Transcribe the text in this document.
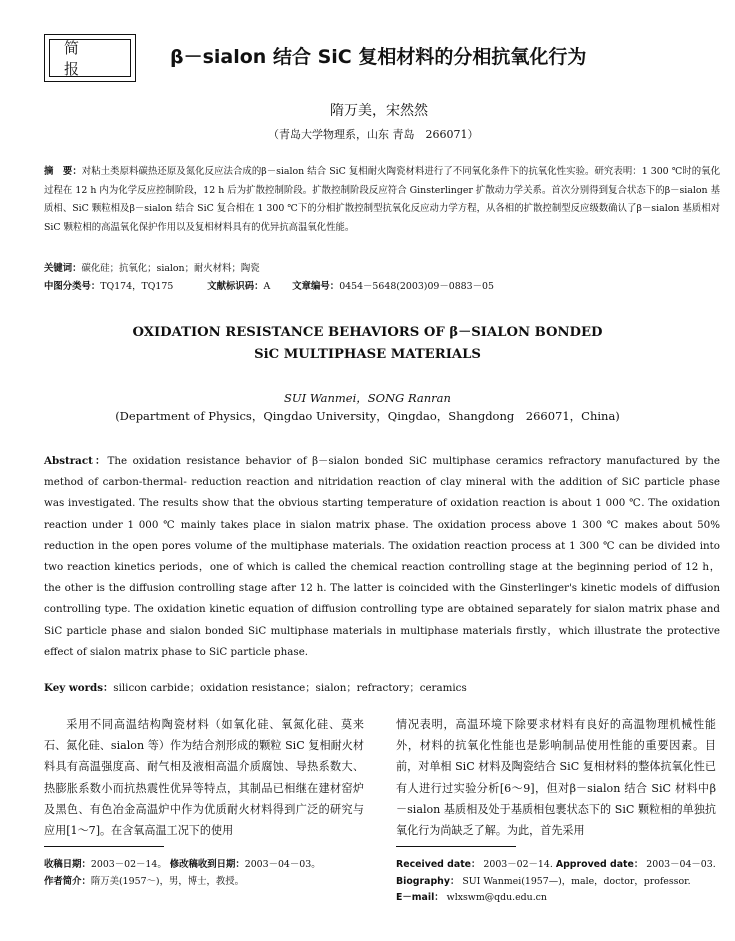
简 报
β－sialon 结合 SiC 复相材料的分相抗氧化行为
隋万美，宋然然
（青岛大学物理系，山东 青岛　266071）
摘　要：对粘土类原料碳热还原及氮化反应法合成的β－sialon 结合 SiC 复相耐火陶瓷材料进行了不同氧化条件下的抗氧化性实验。研究表明：1 300 ℃时的氧化过程在 12 h 内为化学反应控制阶段，12 h 后为扩散控制阶段。扩散控制阶段反应符合 Ginsterlinger 扩散动力学关系。首次分别得到复合状态下的β－sialon 基质相、SiC 颗粒相及β－sialon 结合 SiC 复合相在 1 300 ℃下的分相扩散控制型抗氧化反应动力学方程，从各相的扩散控制型反应级数确认了β－sialon 基质相对 SiC 颗粒相的高温氧化保护作用以及复相材料具有的优异抗高温氧化性能。
关键词：碳化硅；抗氧化；sialon；耐火材料；陶瓷
中图分类号：TQ174，TQ175	文献标识码：A 文章编号：0454－5648(2003)09－0883－05
OXIDATION RESISTANCE BEHAVIORS OF β－SIALON BONDED
SiC MULTIPHASE MATERIALS
SUI Wanmei，SONG Ranran
(Department of Physics，Qingdao University，Qingdao，Shangdong　266071，China)
Abstract：The oxidation resistance behavior of β－sialon bonded SiC multiphase ceramics refractory manufactured by the method of carbon-thermal- reduction reaction and nitridation reaction of clay mineral with the addition of SiC particle phase was investigated. The results show that the obvious starting temperature of oxidation reaction is about 1 000 ℃. The oxidation reaction under 1 000 ℃ mainly takes place in sialon matrix phase. The oxidation process above 1 300 ℃ makes about 50% reduction in the open pores volume of the multiphase materials. The oxidation reaction process at 1 300 ℃ can be divided into two reaction kinetics periods，one of which is called the chemical reaction controlling stage at the beginning period of 12 h，the other is the diffusion controlling stage after 12 h. The latter is coincided with the Ginsterlinger's kinetic models of diffusion controlling type. The oxidation kinetic equation of diffusion controlling type are obtained separately for sialon matrix phase and SiC particle phase and sialon bonded SiC multiphase materials in multiphase materials firstly，which illustrate the protective effect of sialon matrix phase to SiC particle phase.
Key words：silicon carbide；oxidation resistance；sialon；refractory；ceramics
采用不同高温结构陶瓷材料（如氧化硅、氧氮化硅、莫来石、氮化硅、sialon 等）作为结合剂形成的颗粒 SiC 复相耐火材料具有高温强度高、耐气相及液相高温介质腐蚀、导热系数大、热膨胀系数小而抗热震性优异等特点，其制品已相继在建材窑炉及黑色、有色冶金高温炉中作为优质耐火材料得到广泛的研究与应用[1～7]。在含氧高温工况下的使用
情况表明，高温环境下除要求材料有良好的高温物理机械性能外，材料的抗氧化性能也是影响制品使用性能的重要因素。目前，对单相 SiC 材料及陶瓷结合 SiC 复相材料的整体抗氧化性已有人进行过实验分析[6～9]，但对β－sialon 结合 SiC 材料中β－sialon 基质相及处于基质相包裹状态下的 SiC 颗粒相的单独抗氧化行为尚缺乏了解。为此，首先采用
收稿日期：2003－02－14。 修改稿收到日期：2003－04－03。
作者简介：隋万美(1957～)，男，博士，教授。
Received date： 2003－02－14. Approved date： 2003－04－03.
Biography： SUI Wanmei(1957—)，male，doctor，professor.
E－mail： wlxswm@qdu.edu.cn
